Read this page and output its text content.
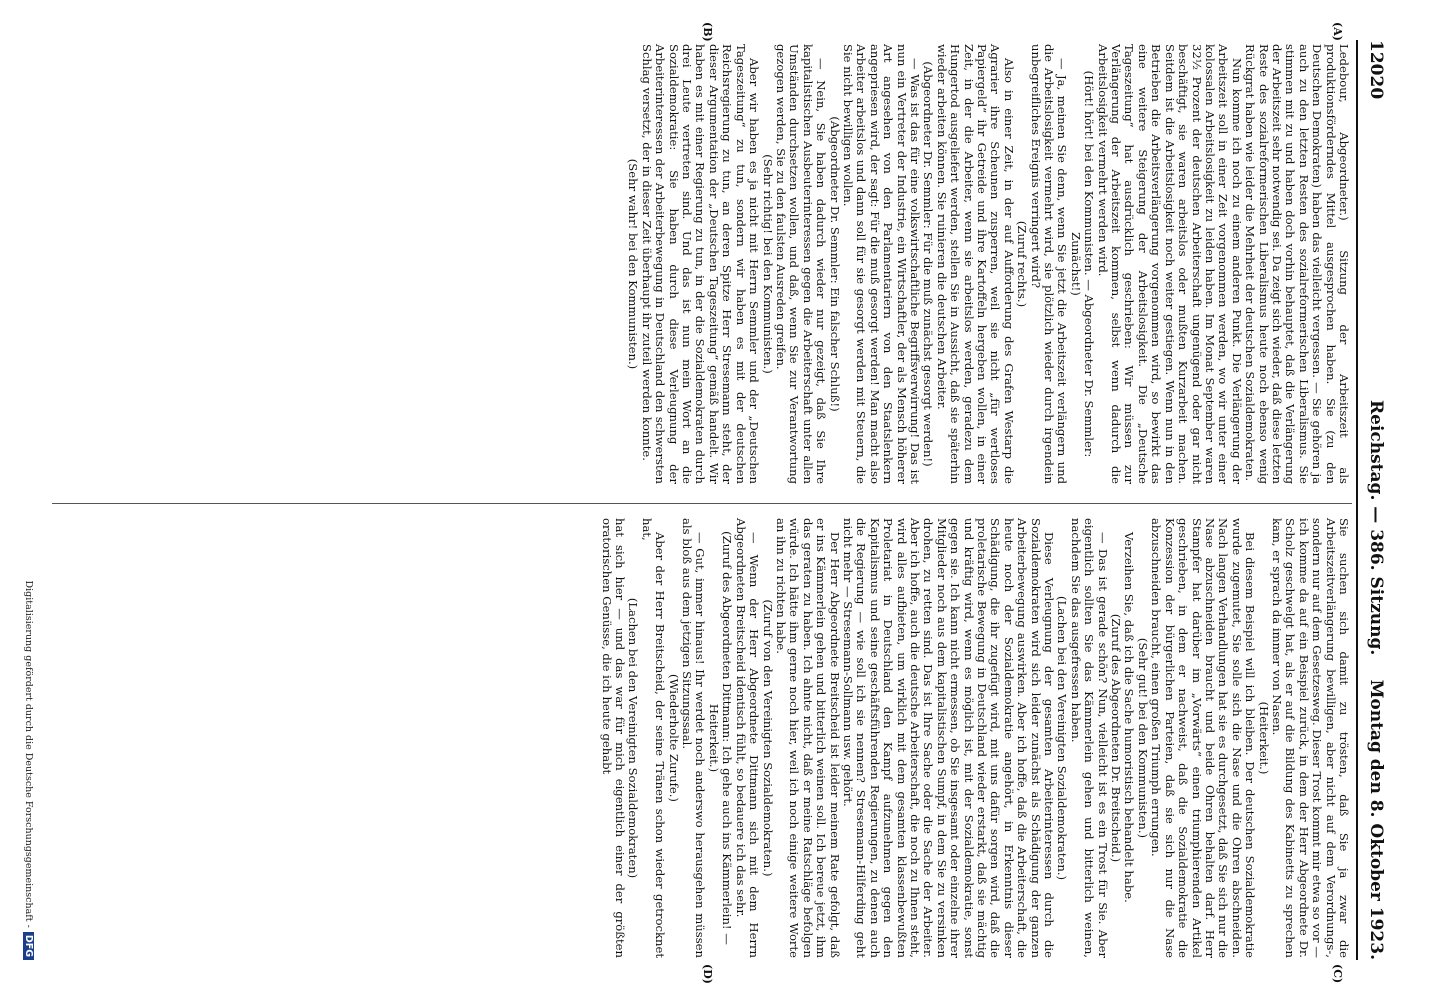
12020
Reichstag. — 386. Sitzung.
Montag den 8. Oktober 1923.
(A)
(B)
(C)
(D)

Ledebour, Abgeordneter.) Sitzung der Arbeitszeit als produktionsförderndes Mittel ausgesprochen haben. Sie (zu den Deutschen Demokraten) haben das vielleicht vergessen. — Sie gehören ja auch zu den letzten Resten des sozialreformerischen Liberalismus. Sie stimmen mit zu und haben doch vorhin behauptet, daß die Verlängerung der Arbeitszeit sehr notwendig sei. Da zeigt sich wieder, daß diese letzten Reste des sozialreformerischen Liberalismus heute noch ebenso wenig Rückgrat haben wie leider die Mehrheit der deutschen Sozialdemokraten.

Nun komme ich noch zu einem anderen Punkt. Die Verlängerung der Arbeitszeit soll in einer Zeit vorgenommen werden, wo wir unter einer kolossalen Arbeitslosigkeit zu leiden haben. Im Monat September waren 32½ Prozent der deutschen Arbeiterschaft ungenügend oder gar nicht beschäftigt, sie waren arbeitslos oder mußten Kurzarbeit machen. Seitdem ist die Arbeitslosigkeit noch weiter gestiegen. Wenn nun in den Betrieben die Arbeitsverlängerung vorgenommen wird, so bewirkt das eine weitere Steigerung der Arbeitslosigkeit. Die „Deutsche Tageszeitung“ hat ausdrücklich geschrieben: Wir müssen zur Verlängerung der Arbeitszeit kommen, selbst wenn dadurch die Arbeitslosigkeit vermehrt werden wird.

(Hört! hört! bei den Kommunisten. — Abgeordneter Dr. Semmler: Zunächst!)

— Ja, meinen Sie denn, wenn Sie jetzt die Arbeitszeit verlängern und die Arbeitslosigkeit vermehrt wird, sie plötzlich wieder durch irgendein unbegreifliches Ereignis verringert wird?

(Zuruf rechts.)

Also in einer Zeit, in der auf Aufforderung des Grafen Westarp die Agrarier ihre Scheunen zusperren, weil sie nicht „für wertloses Papiergeld“ ihr Getreide und ihre Kartoffeln hergeben wollen, in einer Zeit, in der die Arbeiter, wenn sie arbeitslos werden, geradezu dem Hungertod ausgeliefert werden, stellen Sie in Aussicht, daß sie späterhin wieder arbeiten können. Sie ruinieren die deutschen Arbeiter.

(Abgeordneter Dr. Semmler: Für die muß zunächst gesorgt werden!)

— Was ist das für eine volkswirtschaftliche Begriffsverwirrung! Das ist nun ein Vertreter der Industrie, ein Wirtschaftler, der als Mensch höherer Art angesehen von den Parlamentariern von den Staatslenkern angepriesen wird, der sagt: Für die muß gesorgt werden! Man macht also Arbeiter arbeitslos und dann soll für sie gesorgt werden mit Steuern, die Sie nicht bewilligen wollen.

(Abgeordneter Dr. Semmler: Ein falscher Schluß!)

— Nein, Sie haben dadurch wieder nur gezeigt, daß Sie Ihre kapitalistischen Ausbeuterinteressen gegen die Arbeiterschaft unter allen Umständen durchsetzen wollen, und daß, wenn Sie zur Verantwortung gezogen werden, Sie zu den faulsten Ausreden greifen.

(Sehr richtig! bei den Kommunisten.)

Aber wir haben es ja nicht mit Herrn Semmler und der „Deutschen Tageszeitung“ zu tun, sondern wir haben es mit der deutschen Reichsregierung zu tun, an deren Spitze Herr Stresemann steht, der dieser Argumentation der „Deutschen Tageszeitung“ gemäß handelt. Wir haben es mit einer Regierung zu tun, in der die Sozialdemokraten durch drei Leute vertreten sind. Und das ist nun mein Wort an die Sozialdemokratie: Sie haben durch diese Verleugnung der Arbeiterinteressen der Arbeiterbewegung in Deutschland den schwersten Schlag versetzt, der in dieser Zeit überhaupt ihr zuteil werden konnte.

(Sehr wahr! bei den Kommunisten.)

Sie suchen sich damit zu trösten, daß Sie ja zwar die Arbeitszeitverlängerung bewilligen, aber nicht auf dem Verordnungs-, sondern nur auf dem Gesetzesweg. Dieser Trost kommt mir etwa so vor — ich komme da auf ein Beispiel zurück, in dem der Herr Abgeordnete Dr. Scholz geschwelgt hat, als er auf die Bildung des Kabinetts zu sprechen kam, er sprach da immer von Nasen.

(Heiterkeit.)

Bei diesem Beispiel will ich bleiben. Der deutschen Sozialdemokratie wurde zugemutet, Sie solle sich die Nase und die Ohren abschneiden. Nach langen Verhandlungen hat sie es durchgesetzt, daß Sie sich nur die Nase abzuschneiden braucht und beide Ohren behalten darf. Herr Stampfer hat darüber im „Vorwärts“ einen triumphierenden Artikel geschrieben, in dem er nachweist, daß die Sozialdemokratie die Konzession der bürgerlichen Parteien, daß sie sich nur die Nase abzuschneiden braucht, einen großen Triumph errungen.

(Sehr gut! bei den Kommunisten.)

Verzeihen Sie, daß ich die Sache humoristisch behandelt habe.

(Zuruf des Abgeordneten Dr. Breitscheid.)

— Das ist gerade schön? Nun, vielleicht ist es ein Trost für Sie. Aber eigentlich sollten Sie das Kämmerlein gehen und bitterlich weinen, nachdem Sie das ausgefressen haben.

(Lachen bei den Vereinigten Sozialdemokraten.)

Diese Verleugnung der gesamten Arbeiterinteressen durch die Sozialdemokraten wird sich leider zunächst als Schädigung der ganzen Arbeiterbewegung auswirken. Aber ich hoffe, daß die Arbeiterschaft, die heute noch der Sozialdemokratie angehört, in Erkenntnis dieser Schädigung, die ihr zugefügt wird, mit uns dafür sorgen wird, daß die proletarische Bewegung in Deutschland wieder erstarkt, daß sie mächtig und kräftig wird, wenn es möglich ist, mit der Sozialdemokratie, sonst gegen sie. Ich kann nicht ermessen, ob Sie insgesamt oder einzelne ihrer Mitglieder noch aus dem kapitalistischen Sumpf, in dem Sie zu versinken drohen, zu retten sind. Das ist Ihre Sache oder die Sache der Arbeiter. Aber ich hoffe, auch die deutsche Arbeiterschaft, die noch zu Ihnen steht, wird alles aufbieten, um wirklich mit dem gesamten klassenbewußten Proletariat in Deutschland den Kampf aufzunehmen gegen den Kapitalismus und seine geschäftsführenden Regierungen, zu denen auch die Regierung — wie soll ich sie nennen? Stresemann-Hilferding geht nicht mehr — Stresemann-Sollmann usw. gehört.

Der Herr Abgeordnete Breitscheid ist leider meinem Rate gefolgt, daß er ins Kämmerlein gehen und bitterlich weinen soll. Ich bereue jetzt, ihm das geraten zu haben. Ich ahnte nicht, daß er meine Ratschläge befolgen würde. Ich hätte ihm gerne noch hier, weil ich noch einige weitere Worte an ihn zu richten habe.

(Zuruf von den Vereinigten Sozialdemokraten.)

— Wenn der Herr Abgeordnete Dittmann sich mit dem Herrn Abgeordneten Breitscheid identisch fühlt, so bedauere ich das sehr.

(Zuruf des Abgeordneten Dittmann: Ich gehe auch ins Kämmerlein! — Heiterkeit.)

— Gut, immer hinaus! Ihr werdet noch anderswo herausgehen müssen als bloß aus dem jetzigen Sitzungssaal.

(Wiederholte Zurufe.)

Aber der Herr Breitscheid, der seine Tränen schon wieder getrocknet hat,

(Lachen bei den Vereinigten Sozialdemokraten)

hat sich hier — und das war für mich eigentlich einer der größten oratorischen Genüsse, die ich heute gehabt

Digitalisierung gefördert durch die Deutsche Forschungsgemeinschaft -DFG
